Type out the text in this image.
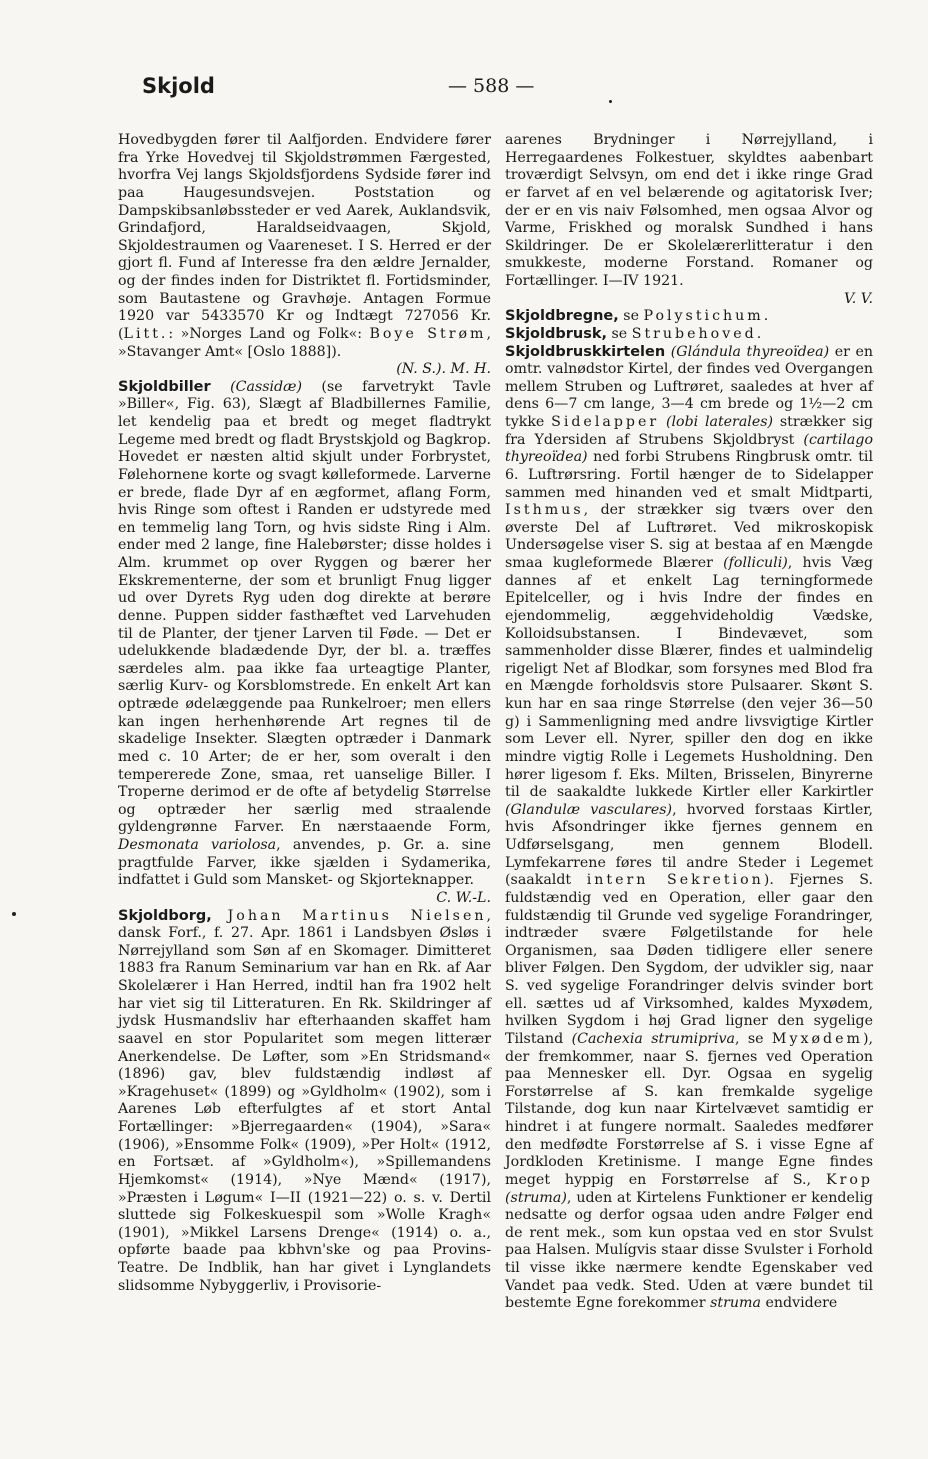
Skjold	— 588 —

Hovedbygden fører til Aalfjorden. Endvidere fører fra Yrke Hovedvej til Skjoldstrømmen Færgested, hvorfra Vej langs Skjoldsfjordens Sydside fører ind paa Haugesundsvejen. Poststation og Dampskibsanløbssteder er ved Aarek, Auklandsvik, Grindafjord, Haraldseidvaagen, Skjold, Skjoldestraumen og Vaareneset. I S. Herred er der gjort fl. Fund af Interesse fra den ældre Jernalder, og der findes inden for Distriktet fl. Fortidsminder, som Bautastene og Gravhøje. Antagen Formue 1920 var 5433570 Kr og Indtægt 727056 Kr. (Litt.: »Norges Land og Folk«: Boye Strøm, »Stavanger Amt« [Oslo 1888]).

(N. S.). M. H.

Skjoldbiller (Cassidæ) (se farvetrykt Tavle »Biller«, Fig. 63), Slægt af Bladbillernes Familie, let kendelig paa et bredt og meget fladtrykt Legeme med bredt og fladt Brystskjold og Bagkrop. Hovedet er næsten altid skjult under Forbrystet, Følehornene korte og svagt kølleformede. Larverne er brede, flade Dyr af en ægformet, aflang Form, hvis Ringe som oftest i Randen er udstyrede med en temmelig lang Torn, og hvis sidste Ring i Alm. ender med 2 lange, fine Halebørster; disse holdes i Alm. krummet op over Ryggen og bærer her Ekskrementerne, der som et brunligt Fnug ligger ud over Dyrets Ryg uden dog direkte at berøre denne. Puppen sidder fasthæftet ved Larvehuden til de Planter, der tjener Larven til Føde. — Det er udelukkende bladædende Dyr, der bl. a. træffes særdeles alm. paa ikke faa urteagtige Planter, særlig Kurv- og Korsblomstrede. En enkelt Art kan optræde ødelæggende paa Runkelroer; men ellers kan ingen herhenhørende Art regnes til de skadelige Insekter. Slægten optræder i Danmark med c. 10 Arter; de er her, som overalt i den tempererede Zone, smaa, ret uanselige Biller. I Troperne derimod er de ofte af betydelig Størrelse og optræder her særlig med straalende gyldengrønne Farver. En nærstaaende Form, Desmonata variolosa, anvendes, p. Gr. a. sine pragtfulde Farver, ikke sjælden i Sydamerika, indfattet i Guld som Mansket- og Skjorteknapper.

C. W.-L.

Skjoldborg, Johan Martinus Nielsen, dansk Forf., f. 27. Apr. 1861 i Landsbyen Øsløs i Nørrejylland som Søn af en Skomager. Dimitteret 1883 fra Ranum Seminarium var han en Rk. af Aar Skolelærer i Han Herred, indtil han fra 1902 helt har viet sig til Litteraturen. En Rk. Skildringer af jydsk Husmandsliv har efterhaanden skaffet ham saavel en stor Popularitet som megen litterær Anerkendelse. De Løfter, som »En Stridsmand« (1896) gav, blev fuldstændig indløst af »Kragehuset« (1899) og »Gyldholm« (1902), som i Aarenes Løb efterfulgtes af et stort Antal Fortællinger: »Bjerregaarden« (1904), »Sara« (1906), »Ensomme Folk« (1909), »Per Holt« (1912, en Fortsæt. af »Gyldholm«), »Spillemandens Hjemkomst« (1914), »Nye Mænd« (1917), »Præsten i Løgum« I—II (1921—22) o. s. v. Dertil sluttede sig Folkeskuespil som »Wolle Kragh« (1901), »Mikkel Larsens Drenge« (1914) o. a., opførte baade paa kbhvn'ske og paa Provins-Teatre. De Indblik, han har givet i Lynglandets slidsomme Nybyggerliv, i Provisorie-

aarenes Brydninger i Nørrejylland, i Herregaardenes Folkestuer, skyldtes aabenbart troværdigt Selvsyn, om end det i ikke ringe Grad er farvet af en vel belærende og agitatorisk Iver; der er en vis naiv Følsomhed, men ogsaa Alvor og Varme, Friskhed og moralsk Sundhed i hans Skildringer. De er Skolelærerlitteratur i den smukkeste, moderne Forstand. Romaner og Fortællinger. I—IV 1921.

V. V.

Skjoldbregne, se Polystichum.

Skjoldbrusk, se Strubehoved.

Skjoldbruskkirtelen (Glándula thyreoïdea) er en omtr. valnødstor Kirtel, der findes ved Overgangen mellem Struben og Luftrøret, saaledes at hver af dens 6—7 cm lange, 3—4 cm brede og 1½—2 cm tykke Sidelapper (lobi laterales) strækker sig fra Ydersiden af Strubens Skjoldbryst (cartilago thyreoïdea) ned forbi Strubens Ringbrusk omtr. til 6. Luftrørsring. Fortil hænger de to Sidelapper sammen med hinanden ved et smalt Midtparti, Isthmus, der strækker sig tværs over den øverste Del af Luftrøret. Ved mikroskopisk Undersøgelse viser S. sig at bestaa af en Mængde smaa kugleformede Blærer (folliculi), hvis Væg dannes af et enkelt Lag terningformede Epitelceller, og i hvis Indre der findes en ejendommelig, æggehvideholdig Vædske, Kolloidsubstansen. I Bindevævet, som sammenholder disse Blærer, findes et ualmindelig rigeligt Net af Blodkar, som forsynes med Blod fra en Mængde forholdsvis store Pulsaarer. Skønt S. kun har en saa ringe Størrelse (den vejer 36—50 g) i Sammenligning med andre livsvigtige Kirtler som Lever ell. Nyrer, spiller den dog en ikke mindre vigtig Rolle i Legemets Husholdning. Den hører ligesom f. Eks. Milten, Brisselen, Binyrerne til de saakaldte lukkede Kirtler eller Karkirtler (Glandulæ vasculares), hvorved forstaas Kirtler, hvis Afsondringer ikke fjernes gennem en Udførselsgang, men gennem Blodell. Lymfekarrene føres til andre Steder i Legemet (saakaldt intern Sekretion). Fjernes S. fuldstændig ved en Operation, eller gaar den fuldstændig til Grunde ved sygelige Forandringer, indtræder svære Følgetilstande for hele Organismen, saa Døden tidligere eller senere bliver Følgen. Den Sygdom, der udvikler sig, naar S. ved sygelige Forandringer delvis svinder bort ell. sættes ud af Virksomhed, kaldes Myxødem, hvilken Sygdom i høj Grad ligner den sygelige Tilstand (Cachexia strumipriva, se Myxødem), der fremkommer, naar S. fjernes ved Operation paa Mennesker ell. Dyr. Ogsaa en sygelig Forstørrelse af S. kan fremkalde sygelige Tilstande, dog kun naar Kirtelvævet samtidig er hindret i at fungere normalt. Saaledes medfører den medfødte Forstørrelse af S. i visse Egne af Jordkloden Kretinisme. I mange Egne findes meget hyppig en Forstørrelse af S., Krop (struma), uden at Kirtelens Funktioner er kendelig nedsatte og derfor ogsaa uden andre Følger end de rent mek., som kun opstaa ved en stor Svulst paa Halsen. Mulígvis staar disse Svulster i Forhold til visse ikke nærmere kendte Egenskaber ved Vandet paa vedk. Sted. Uden at være bundet til bestemte Egne forekommer struma endvidere
